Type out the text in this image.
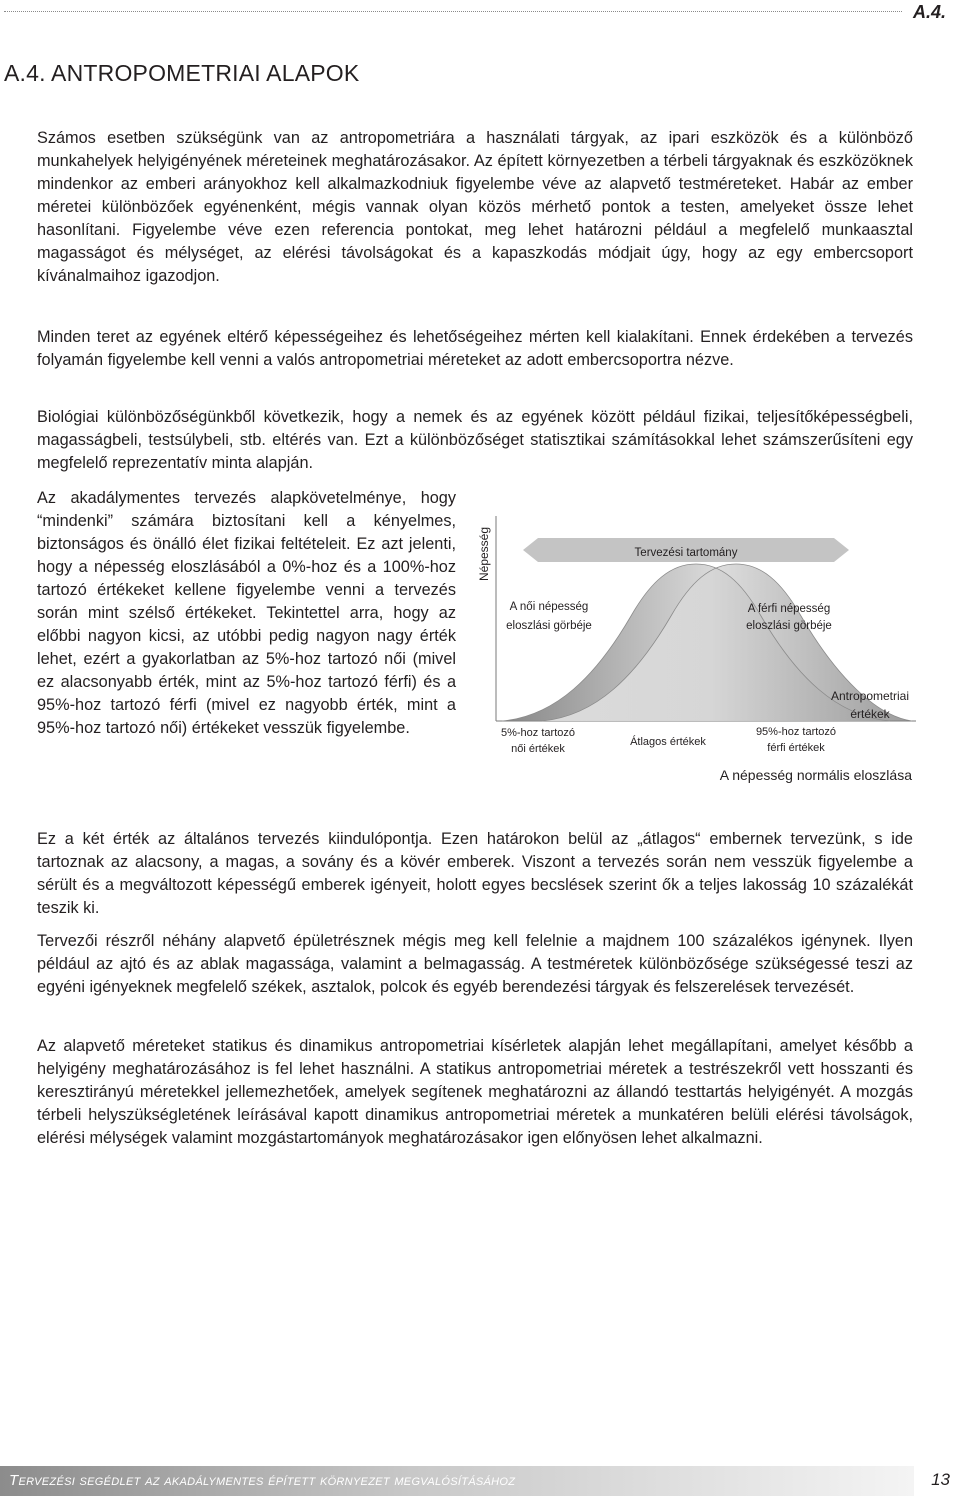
A.4.
A.4. ANTROPOMETRIAI ALAPOK

Számos esetben szükségünk van az antropometriára a használati tárgyak, az ipari eszközök és a különböző munkahelyek helyigényének méreteinek meghatározásakor. Az épített környezetben a térbeli tárgyaknak és eszközöknek mindenkor az emberi arányokhoz kell alkalmazkodniuk figyelembe véve az alapvető testméreteket. Habár az ember méretei különbözőek egyénenként, mégis vannak olyan közös mérhető pontok a testen, amelyeket össze lehet hasonlítani. Figyelembe véve ezen referencia pontokat, meg lehet határozni például a megfelelő munkaasztal magasságot és mélységet, az elérési távolságokat és a kapaszkodás módjait úgy, hogy az egy embercsoport kívánalmaihoz igazodjon.

Minden teret az egyének eltérő képességeihez és lehetőségeihez mérten kell kialakítani. Ennek érdekében a tervezés folyamán figyelembe kell venni a valós antropometriai méreteket az adott embercsoportra nézve.

Biológiai különbözőségünkből következik, hogy a nemek és az egyének között például fizikai, teljesítőképességbeli, magasságbeli, testsúlybeli, stb. eltérés van. Ezt a különbözőséget statisztikai számításokkal lehet számszerűsíteni egy megfelelő reprezentatív minta alapján.

Az akadálymentes tervezés alapkövetelménye, hogy “mindenki” számára biztosítani kell a kényelmes, biztonságos és önálló élet fizikai feltételeit. Ez azt jelenti, hogy a népesség eloszlásából a 0%-hoz és a 100%-hoz tartozó értékeket kellene figyelembe venni a tervezés során mint szélső értékeket. Tekintettel arra, hogy az előbbi nagyon kicsi, az utóbbi pedig nagyon nagy érték lehet, ezért a gyakorlatban az 5%-hoz tartozó női (mivel ez alacsonyabb érték, mint az 5%-hoz tartozó férfi) és a 95%-hoz tartozó férfi (mivel ez nagyobb érték, mint a 95%-hoz tartozó női) értékeket vesszük figyelembe.

Népesség	Tervezési tartomány
A női népesség
eloszlási görbéje
A férfi népesség
eloszlási görbéje
Antropometriai
értékek
5%-hoz tartozó
női értékek
Átlagos értékek
95%-hoz tartozó
férfi értékek
A népesség normális eloszlása

Ez a két érték az általános tervezés kiindulópontja. Ezen határokon belül az „átlagos“ embernek tervezünk, s ide tartoznak az alacsony, a magas, a sovány és a kövér emberek. Viszont a tervezés során nem vesszük figyelembe a sérült és a megváltozott képességű emberek igényeit, holott egyes becslések szerint ők a teljes lakosság 10 százalékát teszik ki.

Tervezői részről néhány alapvető épületrésznek mégis meg kell felelnie a majdnem 100 százalékos igénynek. Ilyen például az ajtó és az ablak magassága, valamint a belmagasság. A testméretek különbözősége szükségessé teszi az egyéni igényeknek megfelelő székek, asztalok, polcok és egyéb berendezési tárgyak és felszerelések tervezését.

Az alapvető méreteket statikus és dinamikus antropometriai kísérletek alapján lehet megállapítani, amelyet később a helyigény meghatározásához is fel lehet használni. A statikus antropometriai méretek a testrészekről vett hosszanti és keresztirányú méretekkel jellemezhetőek, amelyek segítenek meghatározni az állandó testtartás helyigényét. A mozgás térbeli helyszükségletének leírásával kapott dinamikus antropometriai méretek a munkatéren belüli elérési távolságok, elérési mélységek valamint mozgástartományok meghatározásakor igen előnyösen lehet alkalmazni.

Tervezési segédlet az akadálymentes épített környezet megvalósításához	13
